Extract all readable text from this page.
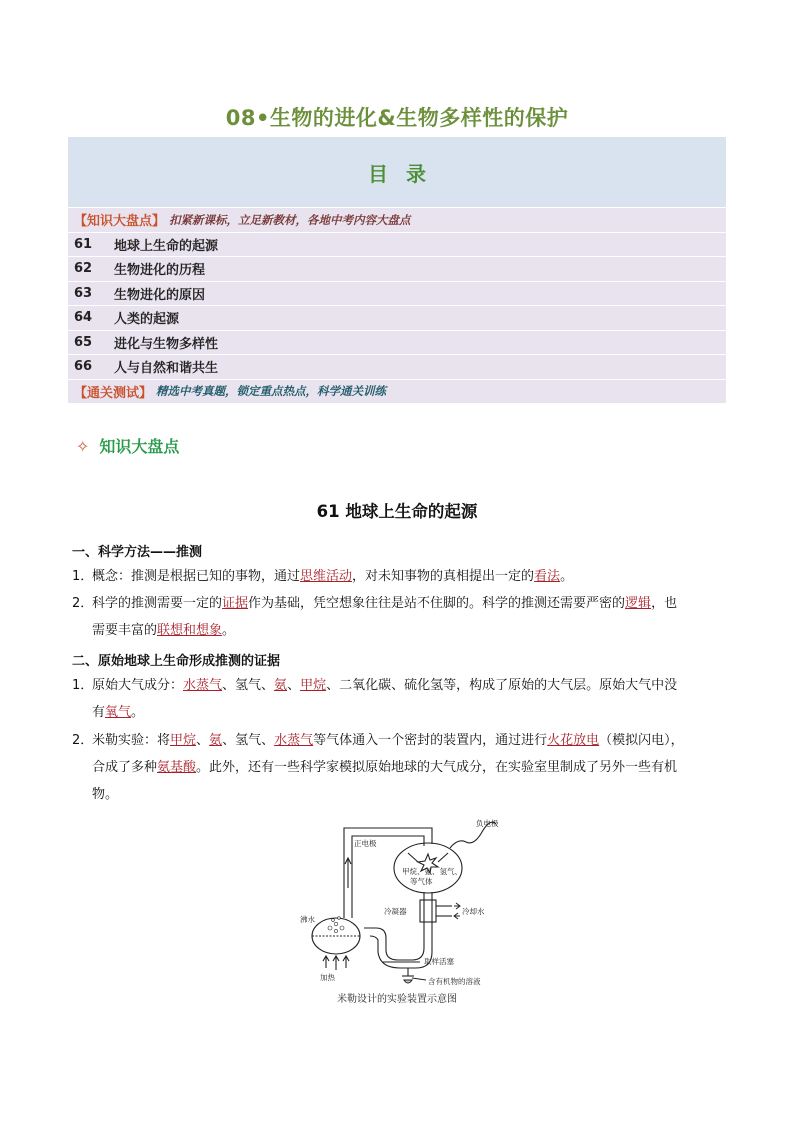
08•生物的进化&生物多样性的保护
目录
【知识大盘点】 扣紧新课标，立足新教材，各地中考内容大盘点
61	地球上生命的起源
62	生物进化的历程
63	生物进化的原因
64	人类的起源
65	进化与生物多样性
66	人与自然和谐共生
【通关测试】 精选中考真题，锁定重点热点，科学通关训练
✧ 知识大盘点
61 地球上生命的起源
一、科学方法——推测
1．概念：推测是根据已知的事物，通过思维活动，对未知事物的真相提出一定的看法。
2．科学的推测需要一定的证据作为基础，凭空想象往往是站不住脚的。科学的推测还需要严密的逻辑，也
需要丰富的联想和想象。
二、原始地球上生命形成推测的证据
1．原始大气成分：水蒸气、氢气、氨、甲烷、二氧化碳、硫化氢等，构成了原始的大气层。原始大气中没
有氧气。
2．米勒实验：将甲烷、氨、氢气、水蒸气等气体通入一个密封的装置内，通过进行火花放电（模拟闪电），
合成了多种氨基酸。此外，还有一些科学家模拟原始地球的大气成分，在实验室里制成了另外一些有机
物。
负电极
正电极
甲烷、氨、氢气、
等气体
冷凝器	冷却水
沸水
加热
取样活塞
含有机物的溶液
米勒设计的实验装置示意图
